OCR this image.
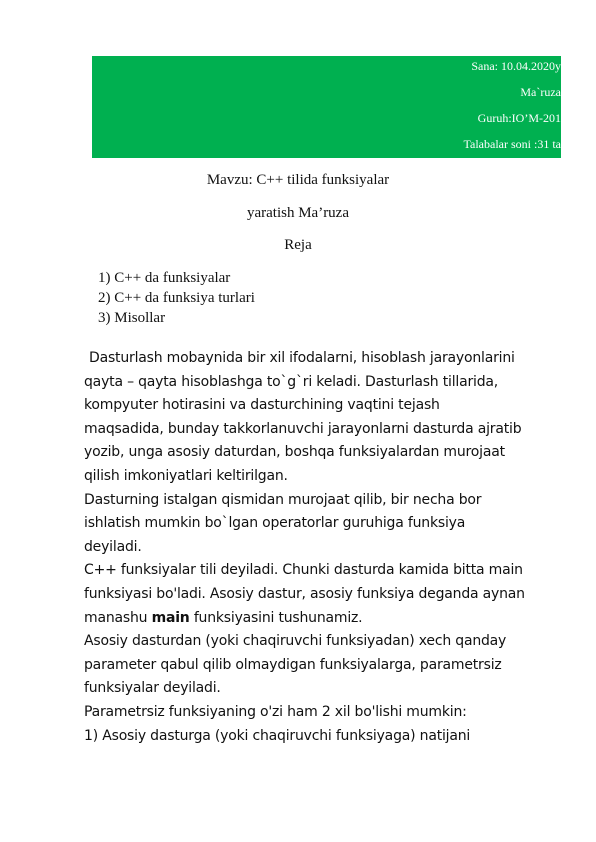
Sana: 10.04.2020y
Ma`ruza
Guruh:IO’M-201
Talabalar soni :31 ta
Mavzu: C++ tilida funksiyalar
yaratish Ma’ruza
Reja
1) C++ da funksiyalar
2) C++ da funksiya turlari
3) Misollar
Dasturlash mobaynida bir xil ifodalarni, hisoblash jarayonlarini
qayta – qayta hisoblashga to`g`ri keladi. Dasturlash tillarida,
kompyuter hotirasini va dasturchining vaqtini tejash
maqsadida, bunday takkorlanuvchi jarayonlarni dasturda ajratib
yozib, unga asosiy daturdan, boshqa funksiyalardan murojaat
qilish imkoniyatlari keltirilgan.
Dasturning istalgan qismidan murojaat qilib, bir necha bor
ishlatish mumkin bo`lgan operatorlar guruhiga funksiya
deyiladi.
C++ funksiyalar tili deyiladi. Chunki dasturda kamida bitta main
funksiyasi bo'ladi. Asosiy dastur, asosiy funksiya deganda aynan
manashu main funksiyasini tushunamiz.
Asosiy dasturdan (yoki chaqiruvchi funksiyadan) xech qanday
parameter qabul qilib olmaydigan funksiyalarga, parametrsiz
funksiyalar deyiladi.
Parametrsiz funksiyaning o'zi ham 2 xil bo'lishi mumkin:
1) Asosiy dasturga (yoki chaqiruvchi funksiyaga) natijani
